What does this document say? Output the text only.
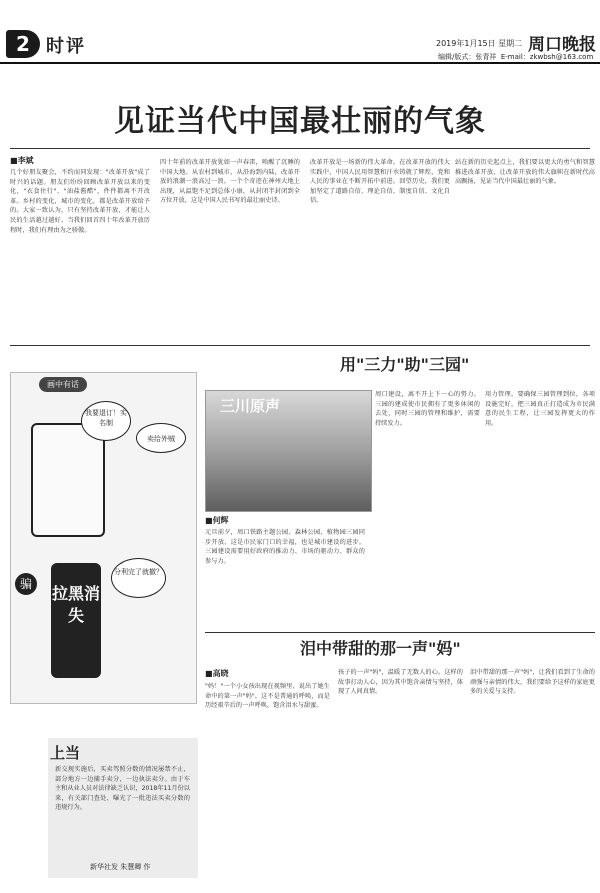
2 时评	2019年1月15日 星期二 周口晚报
编辑/版式：张青祥 E-mail：zkwbsh@163.com
见证当代中国最壮丽的气象
■李斌
几个好朋友聚会，不约而同发现："改革开放"成了时兴的话题。朋友们纷纷回顾改革开放以来的变化，"衣食住行"、"油盐酱醋"，件件都离不开改革。乡村的变化，城市的变化，都是改革开放给予的。大家一致认为，只有坚持改革开放，才能让人民的生活越过越好。当我们回首四十年改革开放历程时，我们有理由为之骄傲。
四十年前的改革开放犹如一声春雷，唤醒了沉睡的中国大地。从农村到城市，从沿海到内陆，改革开放的浪潮一浪高过一浪。一个个奇迹在神州大地上出现，从温饱不足到总体小康，从封闭半封闭到全方位开放，这是中国人民书写的最壮丽史诗。
改革开放是一场新的伟大革命。在改革开放的伟大实践中，中国人民用智慧和汗水铸就了辉煌，党和人民的事业在不断开拓中前进。回望历史，我们更加坚定了道路自信、理论自信、制度自信、文化自信。
站在新的历史起点上，我们要以更大的勇气和智慧推进改革开放，让改革开放的伟大旗帜在新时代高高飘扬，见证当代中国最壮丽的气象。
画中有话
我要退订！实名制
卖给外贼
拉黑消失
分利完了就撤？
骗
上当
新交规实施后，买卖驾照分数的情况屡禁不止，部分地方一边捕手卖分，一边执法卖分。由于车主和从业人员对法律缺乏认识，2018年11月份以来，有关部门查处、曝光了一批违法买卖分数的违规行为。
新华社发 朱慧卿 作
用"三力"助"三园"
三川原声
■何辉
元旦前夕，周口铁路主题公园、森林公园、植物园三园同步开放，这是市民家门口的幸福，也是城市建设的进步。三园建设需要用好政府的推动力、市场的驱动力、群众的参与力。
周口建设，离不开上下一心的努力。三园的建成使市民拥有了更多休闲的去处，同时三园的管理和维护，需要持续发力。
用力管理。要确保三园管理到位，各项设施完好，把三园真正打造成为市民满意的民生工程，让三园发挥更大的作用。
泪中带甜的那一声"妈"
■高晓
"妈！"一个小女孩出现在视频里，说出了她生命中的第一声"妈"。这不是普通的呼唤，而是历经艰辛后的一声呼唤，饱含泪水与甜蜜。
孩子的一声"妈"，温暖了无数人的心。这样的故事打动人心，因为其中饱含亲情与坚持，体现了人间真情。
泪中带甜的那一声"妈"，让我们看到了生命的顽强与亲情的伟大，我们要给予这样的家庭更多的关爱与支持。
